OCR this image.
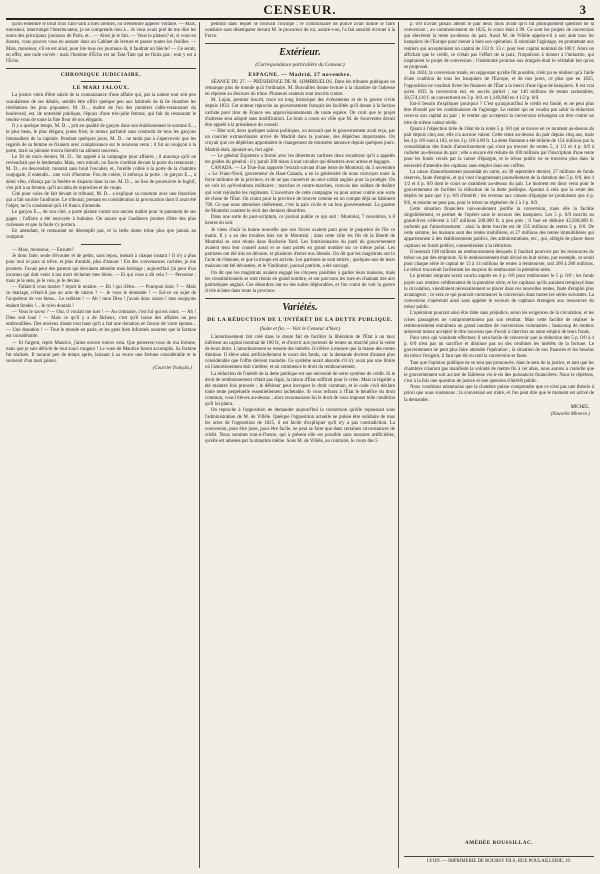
CENSEUR.	3

qu'on entendre le bruit d'un Tam-Tam à mes oreilles, ou d'entendre appeler Voltaire. — Mais, monsieur, interrompit l'interlocuteur, je ne comprends rien à... Je vous avais prié de me dire les noms des principaux journaux de Paris, et... — Ainsi je le fais. — Vous le plaisez? et, si vous en doutez, vous pouvez vous en assurer dans un Cabinet de lecture et passer toutes les feuilles. — Mais, monsieur, s'il en est ainsi, pour lire tous ces journaux-là, il faudrait un Siècle? — Ce serait, en effet, une rude corvée ; mais l'homme d'Écho est un Tam-Tam qui ne finira pas ; tout y est à l'Écho.

CHRONIQUE JUDICIAIRE.
LE MARI JALOUX.

La justice vient d'être saisie de la connaissance d'une affaire qui, par la nature tout soit peu scandaleuse de ses détails, semble être offrir quelque peu aux habitués de la 6e chambre les révélations les plus piquantes. M. D..., maître de l'un des premiers cafés-restaurants du boulevard, est, de notoriété publique, l'époux d'une très-jolie femme, qui fait du restaurant le rendez-vous de toute la fine fleur de nos élégants.

Il y a quelque temps, M. D..., prit en qualité de garçon dans son établissement le nommé E..., le plus beau, le plus élégant, jeune frisé, le mieux parfumé sans contredit de tous les garçons limonadiers de la capitale. Pendant quelques jours, M. D... ne tarda pas à s'apercevoir que les regards de sa femme se fixaient avec complaisance sur le nouveau venu ; il fut un soupçon à la porte, mais sa jalousie trouva bientôt un aliment nouveau.

Le 30 du mois dernier, M. D... fut appelé à la campagne pour affaires ; il annonça qu'il ne reviendrait que le lendemain. Mais, vers minuit, un fiacre s'arrêtait devant la porte du restaurant ; M. D... en descendait, montait sans bruit l'escalier, et, l'oreille collée à la porte de la chambre conjugale, il entendit... une voix d'homme. Fou de colère, il enfonça la porte : le garçon E..., à demi vêtu, s'élança par la fenêtre et disparut dans la rue. M. D..., au lieu de poursuivre le fugitif, s'en prit à sa femme, qu'il accabla de reproches et de coups.

Cité pour voies de fait devant le tribunal, M. D... a expliqué sa conduite avec une franchise qui a fait sourire l'auditoire. Le tribunal, prenant en considération la provocation dont il avait été l'objet, ne l'a condamné qu'à 16 francs d'amende.

Le garçon E..., de son côté, a porté plainte contre son ancien maître pour le paiement de ses gages ; l'affaire a été renvoyée à huitaine. On assure que l'audience promet d'être des plus curieuses et que la foule s'y portera.

En attendant, le restaurant ne désemplit pas, et la belle dame trône plus que jamais au comptoir.

— Mais, monsieur, — Ensuite?

Je donc faite, seule d'écouter et de petits, sans repos, menait à chaque instant ! Il n'y a plus pour moi ni paix ni trêve, et plus d'amitié, plus d'amour ! Est des convenances cachées, je me promets. J'avais peur des parents qui devraient attendre mon héritage ; aujourd'hui j'ai peur d'un inconnu qui doit venir à ma mort réclamer mes biens. — Et qui vous a dit cela ? — Personne ; mais je le sens, je le vois, je le devine.

— Fallait-il vous marier ? reprit le notaire. — Eh ! qui d'être... — Pourquoi donc ? — Mais ce mariage, n'était-il pas un acte de raison ? — Je vous le demande ! — Est-ce un sujet de l'acquéreur de vos biens... Le scélérat ! — Ah ! mon Dieu ! j'avais donc raison ! mes soupçons étaient fondés !... Je m'en doutais !

— Vous le savez ? — Oui, il voulait me tuer ! — Au contraire, c'est lui qui est mort. — Ah ! Dieu soit loué ! — Mais ce qu'il y a de fâcheux, c'est qu'il laisse des affaires un peu embrouillées. Des envieux disent tout haut qu'il a fait une donation en faveur de votre épouse... — Une donation ! — Tout le monde en parle, et les gens bien informés assurent que la fortune est considérable.

— Et l'argent, reprit Maurice, j'aime encore mieux cela. Que penserez-vous de ma fortune, mais que je suis délivré de tout souci rongeur ! Le voeu de Maurice furent accomplis. Sa fortune fut réalisée. Il mourut peu de temps après, laissant à sa veuve une fortune considérable et le souvenir d'un mari jaloux.

(Courrier français.)

pétition dans lequel se trouvait l'inculpé ; le commissaire de police avait donné le faire conduire sans désemparer devant M. le procureur du roi, assuré-t-on, l'a fait aussitôt écrouer à la Force.

Extérieur.
(Correspondance particulière du Censeur.)
ESPAGNE. — Madrid, 27 novembre.

SÉANCE DU 27. — PRÉSIDENCE DE M. SOMBRUELOS. Dans les tribunes publiques on remarque plus de monde qu'à l'ordinaire. M. Bravailles donne lecture à la chambre de l'adresse en réponse au discours du trône. Plusieurs orateurs sont inscrits contre.

M. Lujan, premier inscrit, trace un long historique des événements et de la guerre civile depuis 1833. Cet orateur reproche au gouvernement français les facilités qu'il donne à la faction carliste pour tirer de France ses approvisionnements de toute espèce. On croit que le projet d'adresse sera adopté sans modification. Le bruit a couru en ville que M. de Sourvestes devait être appelé à la présidence du conseil.

— Hier soir, deux quelques salons politiques, on assurait que le gouvernement avait reçu, par un courrier extraordinaire arrivé de Madrid dans la journée, des dépêches importantes. On croyait que ces dépêches apportaient le changement de ministère annoncé depuis quelques jours. Madrid était, ajoutait-on, fort agité.

— Le général Espartero a formé avec les déserteurs carlistes deux escadrons qu'il a appelés les guides du général ; il y paraît 300 réaux à tout cavalier qui désertera avec armes et bagages.

CANADA. — Le True-Sun rapporte l'extrait suivant d'une lettre de Montréal, du 3 novembre : « Le Franc-Nord, gouverneur du Haut-Canada, a en la générosité de nous convoyer toute la force militaire de la province, et de ne pas conserver au seul soldat anglais pour la protéger. On ne voit ici qu'évolutions militaires ; marches et contre-marches, convois des soldats de théâtre qui vont rejoindre les régiments. L'ouverture de cette campagne va pour armer contre une sorte de chose de l'État. On craint pour la province de trouver comme en un compte déjà un bâtiment 700. Ce que nous attendons réellement, c'est la paix civile et un bon gouvernement. La gazette de Montréal contient le récit des derniers désordres.

Dans une sorte de post-scriptum, ce journal publie ce qui suit : Montréal, 7 novembre, à 8 heures du soir.

Je viens d'ouïr la bonne nouvelle que nos forces avaient paru pour le paquebot de l'île ce matin. Il y a eu des troubles hier sur le Montréal ; dans cette ville les fils de la liberté de Montréal se sont réunis dans Rockerie Yard. Les fonctionnaires du parti du gouvernement avaient tenu leur conseil aussi et se sont portés en grand nombre sur ce même point. Les patriotes ont été mis en déroute, et plusieurs d'entre eux blessés. On dit que les magistrats ont lu l'acte de l'émeute, et que la troupe est arrivée. Les patriotes se sont retirés ; quelques-uns de leurs maisons ont été dévastées, et le Vindicator, journal patriote, a été saccagé.

On dit que les magistrats avaient engagé les citoyens paisibles à garder leurs maisons, mais les constitutionnels se sont réunis en grand nombre, et ont parcouru les rues en chantant des airs patriotiques anglais. Ces désordres ont eu des suites déplorables, et l'on craint de voir la guerre civile éclater dans toute la province.

Variétés.
DE LA RÉDUCTION DE L'INTÉRÊT DE LA DETTE PUBLIQUE.
(Suite et fin. — Voir le Censeur d'hier.)

L'amortissement fait créé dans le doute fait de faciliter la libération de l'État à un taux inférieur au capital nominal de 100 fr., et d'ouvrir aux porteurs de rentes un marché pour la vente de leurs titres. L'amortissement se ressent des intérêts. Il s'élève à mesure que la masse des rentes diminue. Il élève ainsi artificiellement le cours des fonds, car la demande devient d'autant plus considérable que l'offre devient moindre. Ce système serait absurde s'il n'y avait pas une limite où l'amortissement doit s'arrêter, et où commence le droit du remboursement.

La réduction de l'intérêt de la dette publique est une nécessité de notre système de crédit. Si le droit de remboursement n'était pas légal, la raison d'État suffirait pour le créer. Mais la légalité a été maintes fois prouvée ; le débiteur peut invoquer le droit commun, et le code civil déclare toute rente perpétuelle essentiellement rachetable. Si vous refusez à l'État le bénéfice du droit commun, vous l'élevez au-dessus ; alors reconnaissez-lui le droit de vous imposer telle condition qu'il lui plaira.

On reproche à l'opposition de demander aujourd'hui la conversion qu'elle repoussait sous l'administration de M. de Villèle. Quelque l'opposition actuelle ne puisse être solidaire de tous les actes de l'opposition de 1825, il est facile d'expliquer qu'il n'y a pas contradiction. La conversion, pour être juste, pour être facile, ne peut se faire que dans certaines circonstances de crédit. Nous sommes tout-à-l'heure, qui à présent elle est possible sans mesures artificielles, qu'elle est amenée par la situation même. Sous M. de Villèle, au contraire, le cours des 5

p. 0/0 n'avait jamais atteint le pair deux mois avant qu'il fût publiquement question de la conversion ; au commencement de 1825, le cours était à 99. Ce sont les projets de conversion qui élevèrent la rente au-dessus du pair. Aussi M. de Villèle appela-t-il à son aide tous les banquiers de l'Europe pour mener à bien son opération. Il stimulait l'agiotage, en promettant aux rentiers qui accepteraient un capital de 133 fr. 33 c. pour leur capital nominal de 100 f. Alors on affichait que le crédit, ce n'était pas l'effort de la paix, l'impulsion à donner à l'industrie, qui inspiraient le projet de conversion ; l'indemnité promise aux émigrés était le véritable but qu'on se proposait.

En 1824, la conversion totale, en supposant qu'elle fût possible, n'eût pu se réaliser qu'à l'aide d'une coalition de tous les banquiers de l'Europe, et de nos jours, ce plus que en 1825, l'opposition ne voudrait livrer les finances de l'État à la merci d'une ligue de banquiers. Il est vrai qu'en 1825 la conversion eut, en succès partiel ; sur 140 millions de rentes rachetables, 30,574,116 f. se convertirent en 3 p. 0/0, et 1,149,840 en 4 1/2 p. 0/0.

Est-il besoin d'expliquer pourquoi ? C'est qu'aujourd'hui le crédit est fondé, et ne peut plus être ébranlé par les combinaisons de l'agiotage. Le rentier qui ne voudra pas subir la réduction recevra son capital au pair ; le rentier qui acceptera la conversion échangera un titre contre un titre de même valeur réelle.

Quant à l'objection tirée de l'état de la rente 5 p. 0/0 qui se trouve en ce moment au-dessus du pair depuis cinq ans, elle n'a aucune valeur. Cette rente au-dessus du pair depuis cinq ans, mais les 4 p. 0/0 sont à 102, et les 3 p. 0/0 à 80 fr. La dette flottante a été réduite de 154 millions par la consolidation des fonds d'amortissement qui n'ont pu trouver de rentes 5, 4 1/2 et 4 p. 0/0 à racheter au-dessous du pair ; elle a encore été réduite de 100 millions par l'inscription d'une rente pour les fonds versés par la caisse d'épargne, et le trésor public ne se trouvera plus dans la nécessité d'attendre des capitaux sans emploi dans ses coffres.

La caisse d'amortissement possédait en outre, au 30 septembre dernier, 27 millions de fonds réservés, faute d'emploi, et qui vont s'augmentant journellement de la dotation des 5 p. 0/0, des 4 1/2 et 4 p. 0/0 dont le cours se maintient au-dessus du pair. Le moment est donc venu pour le gouvernement de faciliter la réduction de la dette publique. Ajoutez à cela que la rente des dépôts ne paie que 3 p. 0/0 d'intérêt ; les revenus aux caisses d'épargne ne produisent que 4 p. 0/0, et ensuite ne peut pas, pour le trésor se régénérer de 2 à 3 p. 0/0.

Cette situation financière non-seulement justifie la conversion, mais elle la facilite singulièrement, et permet de l'opérer sans le secours des banquiers. Les 5 p. 0/0 inscrits au grand-livre s'élèvent à 147 millions 500,000 fr. à peu près ; il faut en déduire 43,560,000 fr. rachetés par l'amortissement : ainsi la dette inscrite est de 135 millions de rentes 5 p. 0/0. De cette somme, les maisons sont des rentes mobilières, et 27 millions des rentes immobilières qui appartiennent à des établissements publics, des administrations, etc., qui, obligés de placer leurs capitaux en fonds publics, consentiraient à la réduction.

Il resterait 108 millions au remboursement desquels il faudrait pourvoir par les ressources du trésor ou par des emprunts. Si le remboursement était divisé en huit séries, par exemple, ce serait pour chaque série le capital de 13 à 14 millions de rentes à rembourser, soit 260 à 280 millions. Le trésor trouverait facilement les moyens de rembourser la première série.

Le premier emprunt serait conclu auprès en 4 p. 0/0 pour rembourser le 5 p. 0/0 ; les fonds payés aux rentiers créditeraient de la première série, et les capitaux qu'ils auraient remployé dans la circulation, viendraient nécessairement se placer dans ces nouvelles rentes, faute d'emploi plus avantageux ; ce sera ce qui pourrait commencer la conversion dans toutes les séries suivantes. La conversion s'opérerait ainsi sans appeler le secours de capitaux étrangers aux ressources du trésor public.

L'opération pourrait ainsi être faite sans préjudice, selon les exigences de la circulation, et les crises passagères ne compromettraient pas son résultat. Mais cette facilité de réaliser le remboursement entraînera un grand nombre de conversions volontaires ; beaucoup de rentiers aimeront mieux accepter le titre nouveau que d'avoir à chercher un autre emploi de leurs fonds.

Pour ceux qui voudront effectuer, il sera facile de concevoir que la réduction des 5 p. 0/0 à 4 p. 0/0 n'est pas un sacrifice et diminue pas un des centimes les intérêts de la fortune. Le gouvernement ne peut plus faire attendre l'opération ; la situation de nos finances et les besoins du trésor l'exigent, il faut que tôt ou tard la conversion se fasse.

Tant que l'opinion publique ne se sera pas prononcée, dans le sens de la justice, et tant que les chambres n'auront pas manifesté la volonté de mettre fin à cet abus, nous aurons à craindre que le gouvernement soit accusé de faiblesse vis-à-vis des puissances financières. Nous le répétons, c'est à la fois une question de justice et une question d'intérêt public.

Nous voudrions néanmoins que la chambre puisse comprendre que ce n'est pas une théorie à priori que nous soutenons ; la conversion est mûre, et l'on peut dire que le moment est arrivé de la demander.

MICHEL.
(Nouvelle Minerve.)
AMÉDÉE ROUSSILLAC.
LYON. — IMPRIMERIE DE BOURSY FILS, RUE POULAILLERIE, 19.
